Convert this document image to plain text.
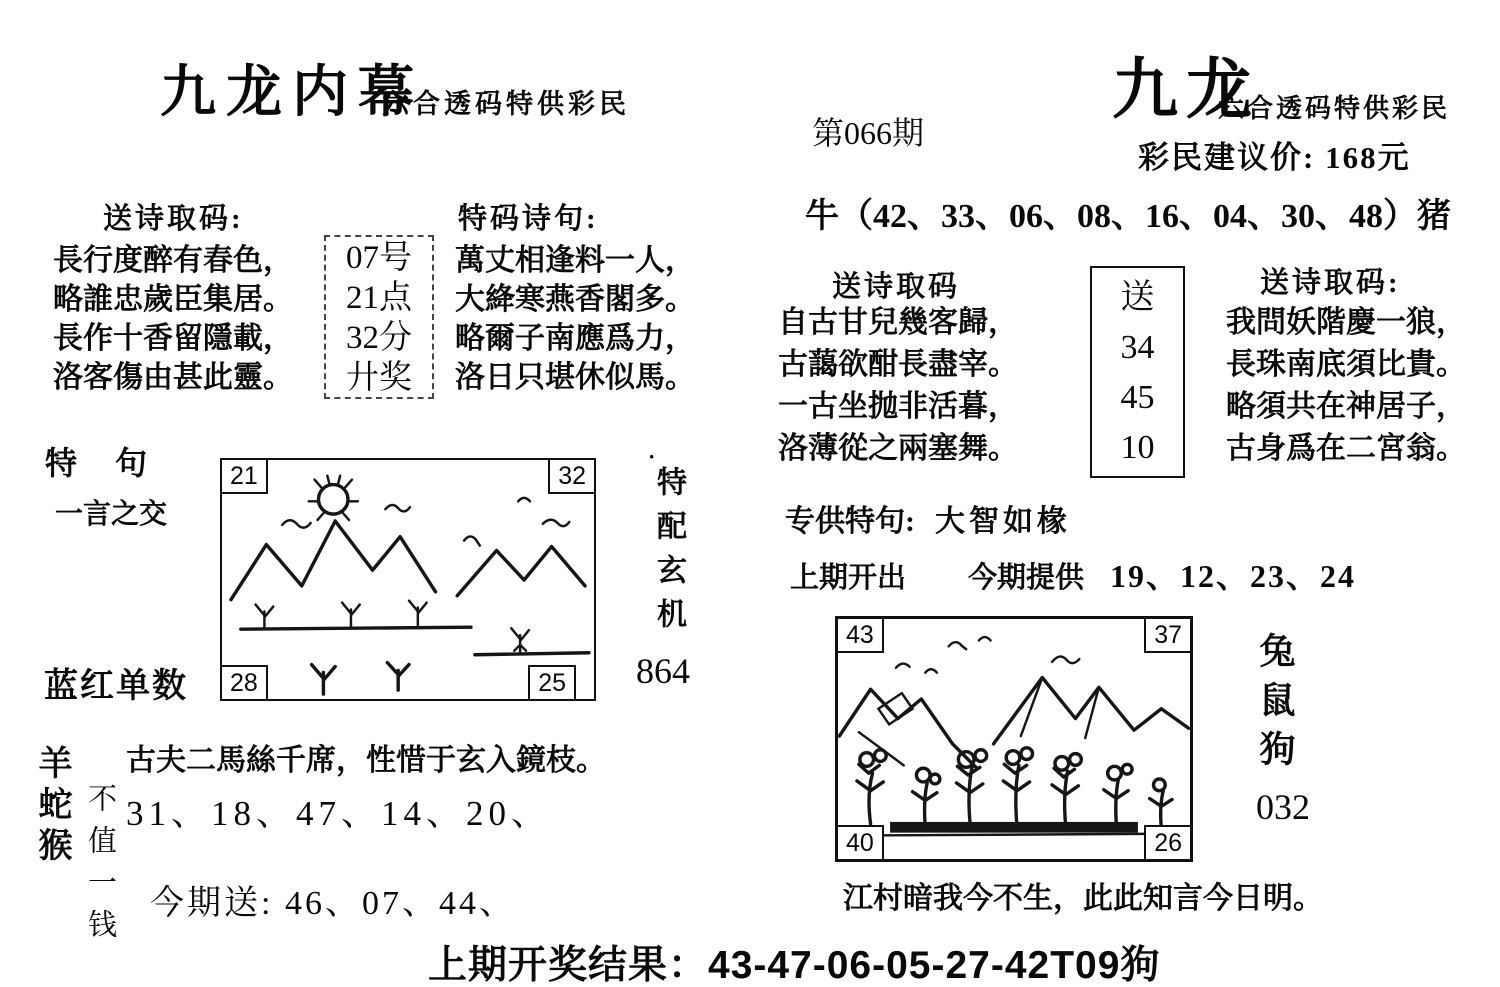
九龙内幕
六合透码特供彩民	九龙
六合透码特供彩民
第066期
彩民建议价: 168元
牛（42、33、06、08、16、04、30、48）猪
送诗取码:
長行度醉有春色，
略誰忠歲臣集居。
長作十香留隱載，
洛客傷由甚此靈。
07号
21点
32分
廾奖
特码诗句:
萬丈相逢料一人，
大絳寒燕香閣多。
略爾子南應爲力，
洛日只堪休似馬。
送诗取码
自古甘兒幾客歸，
古藹欲酣長盡宰。
一古坐抛非活暮，
洛薄從之兩塞舞。
送
34
45
10
送诗取码:
我問妖階慶一狼，
長珠南底須比貴。
略須共在神居子，
古身爲在二宮翁。
专供特句: 大智如椽
上期开出 今期提供 19、12、23、24
特句
一言之交
21	32
28	25
·
特配玄机
864
蓝红单数
羊蛇猴 不值一钱
古夫二馬絲千席，性惜于玄入鏡枝。
31、18、47、14、20、
今期送: 46、07、44、
43	37
40	26
兔鼠狗
032
江村暗我今不生，此此知言今日明。
上期开奖结果：43-47-06-05-27-42T09狗
